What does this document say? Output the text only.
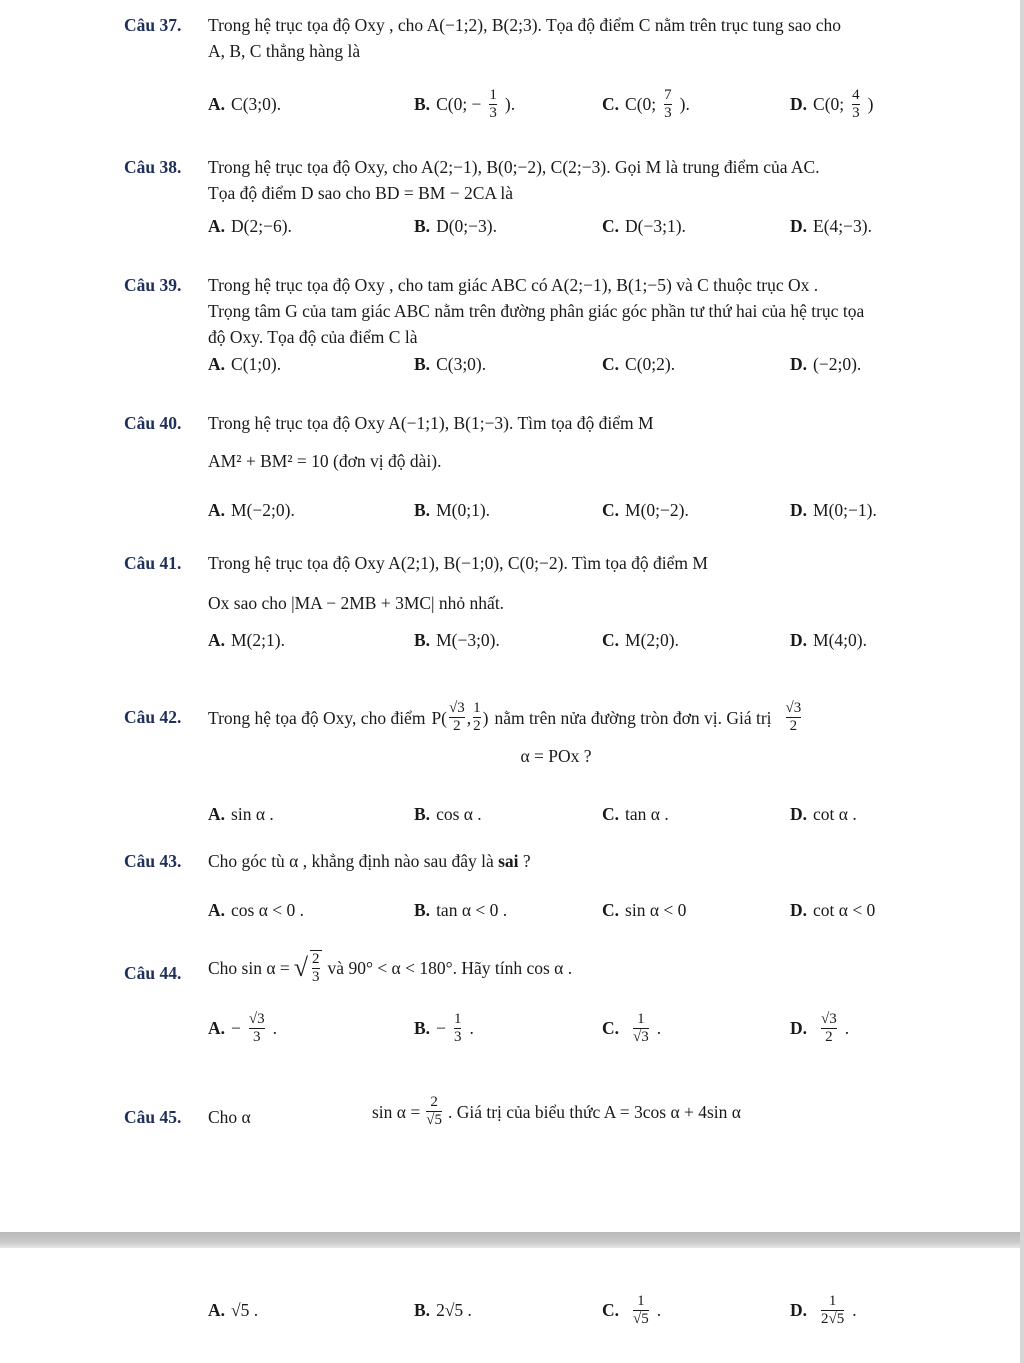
Câu 37. Trong hệ trục tọa độ Oxy , cho A(−1;2), B(2;3). Tọa độ điểm C nằm trên trục tung sao cho
A, B, C thẳng hàng là
A. C(3;0).	B. C(0; − $\frac{1}{3}$ ).	C. C(0; $\frac{7}{3}$ ).	D. C(0; $\frac{4}{3}$ )
Câu 38. Trong hệ trục tọa độ Oxy, cho A(2;−1), B(0;−2), C(2;−3). Gọi M là trung điểm của AC.
Tọa độ điểm D sao cho BD = BM − 2CA là
A. D(2;−6).	B. D(0;−3).	C. D(−3;1).	D. E(4;−3).
Câu 39. Trong hệ trục tọa độ Oxy , cho tam giác ABC có A(2;−1), B(1;−5) và C thuộc trục Ox .
Trọng tâm G của tam giác ABC nằm trên đường phân giác góc phần tư thứ hai của hệ trục tọa
độ Oxy. Tọa độ của điểm C là
A. C(1;0).	B. C(3;0).	C. C(0;2).	D. (−2;0).
Câu 40. Trong hệ trục tọa độ Oxy A(−1;1), B(1;−3). Tìm tọa độ điểm M
AM² + BM² = 10 (đơn vị độ dài).
A. M(−2;0).	B. M(0;1).	C. M(0;−2).	D. M(0;−1).
Câu 41. Trong hệ trục tọa độ Oxy A(2;1), B(−1;0), C(0;−2). Tìm tọa độ điểm M
Ox sao cho |MA − 2MB + 3MC| nhỏ nhất.
A. M(2;1).	B. M(−3;0).	C. M(2;0).	D. M(4;0).
Câu 42. Trong hệ tọa độ Oxy, cho điểm $P( \frac{√3}{2}$ , $\frac{1}{2}$ ) nằm trên nửa đường tròn đơn vị. Giá trị $\frac{√3}{2}$
α = POx ?
A. sin α .	B. cos α .	C. tan α .	D. cot α .
Câu 43. Cho góc tù α , khẳng định nào sau đây là sai ?
A. cos α < 0 .	B. tan α < 0 .	C. sin α < 0	D. cot α < 0
Câu 44. Cho sin α = √ $\frac{2}{3}$ và 90° < α < 180°. Hãy tính cos α .
A. − $\frac{√3}{3}$ .	B. − $\frac{1}{3}$ .	C. $\frac{1}{√3}$ .	D. $\frac{√3}{2}$ .
Câu 45. Cho α	$\sin \alpha = \frac{2}{√5}$ . Giá trị của biểu thức A = 3cos α + 4sin α
A. √5 .	B. 2√5 .	C. $\frac{1}{√5}$ .	D. $\frac{1}{2√5}$ .
